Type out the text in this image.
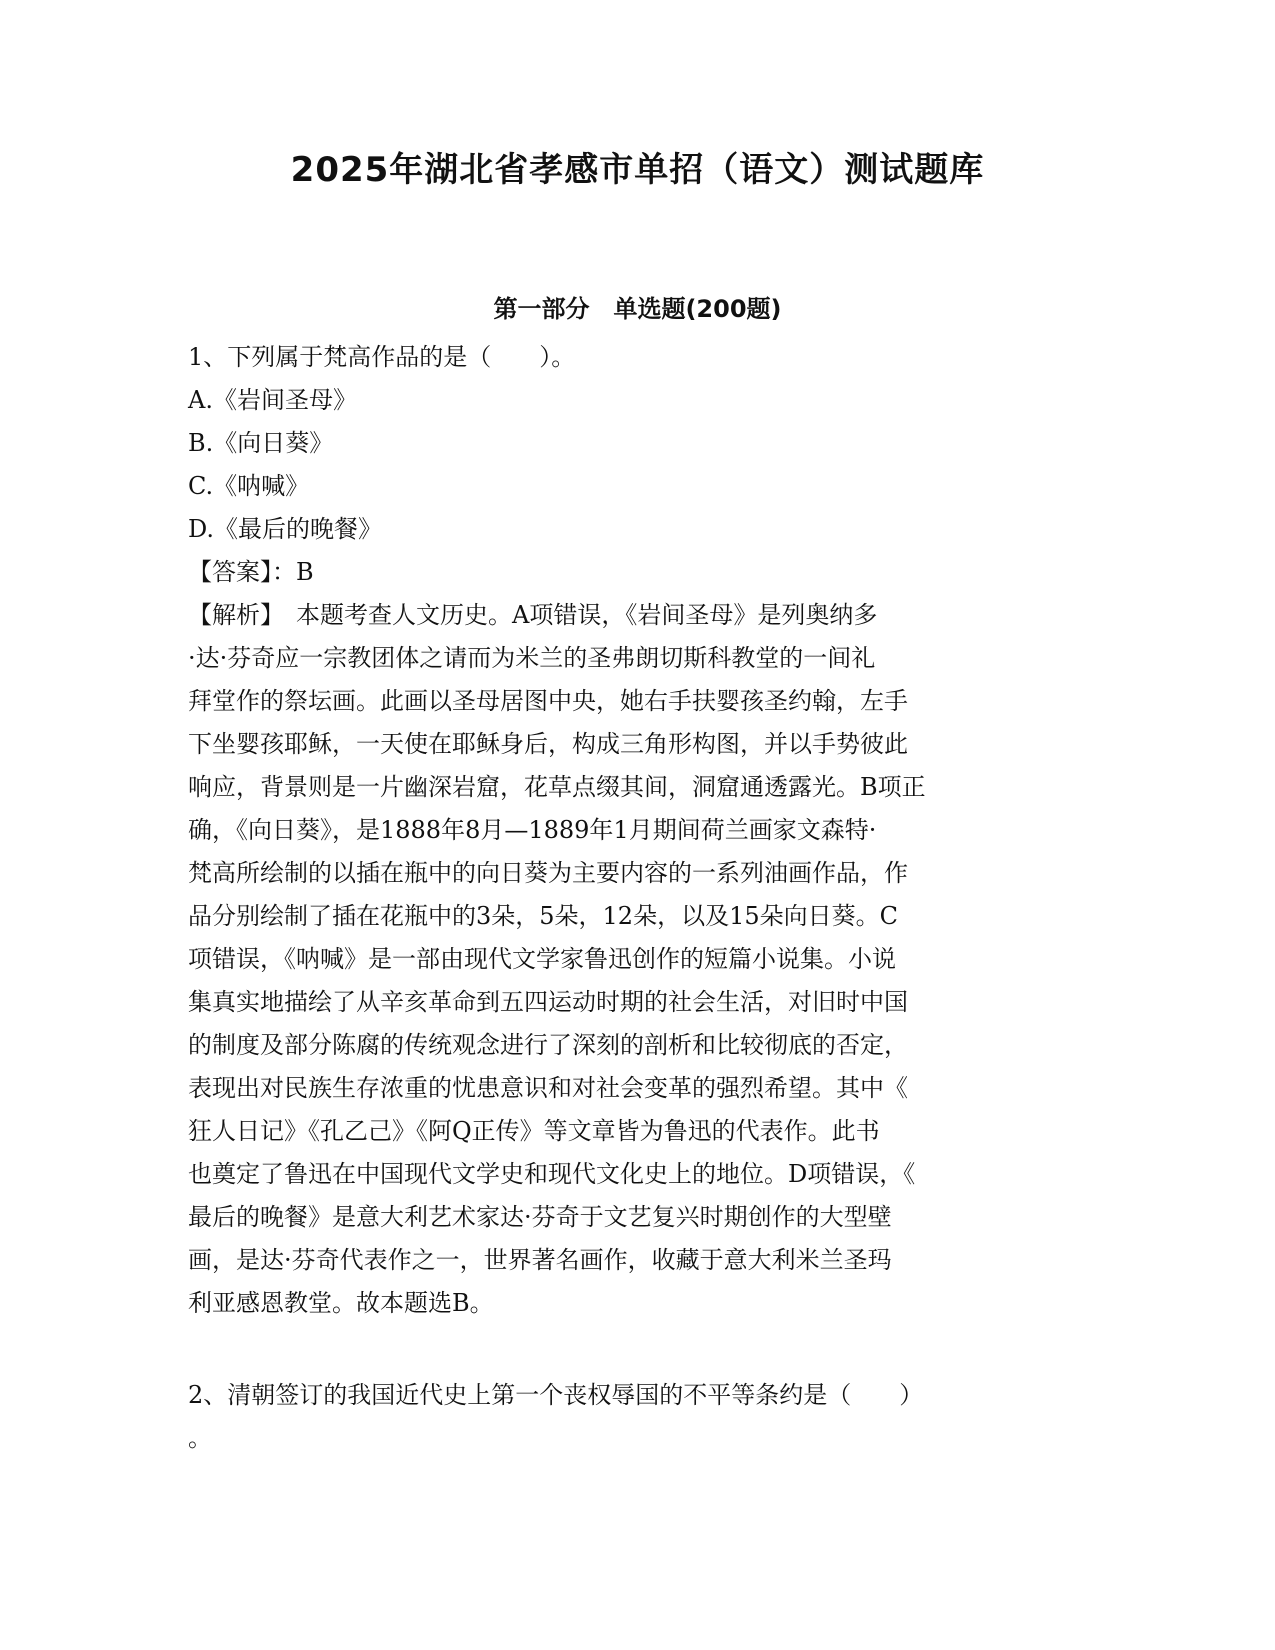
2025年湖北省孝感市单招（语文）测试题库
第一部分　单选题(200题)

1、下列属于梵高作品的是（　　）。

A.《岩间圣母》

B.《向日葵》

C.《呐喊》

D.《最后的晚餐》

【答案】：B

【解析】　本题考查人文历史。A项错误，《岩间圣母》是列奥纳多

·达·芬奇应一宗教团体之请而为米兰的圣弗朗切斯科教堂的一间礼

拜堂作的祭坛画。此画以圣母居图中央，她右手扶婴孩圣约翰，左手

下坐婴孩耶稣，一天使在耶稣身后，构成三角形构图，并以手势彼此

响应，背景则是一片幽深岩窟，花草点缀其间，洞窟通透露光。B项正

确，《向日葵》，是1888年8月—1889年1月期间荷兰画家文森特·

梵高所绘制的以插在瓶中的向日葵为主要内容的一系列油画作品，作

品分别绘制了插在花瓶中的3朵，5朵，12朵，以及15朵向日葵。C

项错误，《呐喊》是一部由现代文学家鲁迅创作的短篇小说集。小说

集真实地描绘了从辛亥革命到五四运动时期的社会生活，对旧时中国

的制度及部分陈腐的传统观念进行了深刻的剖析和比较彻底的否定，

表现出对民族生存浓重的忧患意识和对社会变革的强烈希望。其中《

狂人日记》《孔乙己》《阿Q正传》等文章皆为鲁迅的代表作。此书

也奠定了鲁迅在中国现代文学史和现代文化史上的地位。D项错误，《

最后的晚餐》是意大利艺术家达·芬奇于文艺复兴时期创作的大型壁

画，是达·芬奇代表作之一，世界著名画作，收藏于意大利米兰圣玛

利亚感恩教堂。故本题选B。

2、清朝签订的我国近代史上第一个丧权辱国的不平等条约是（　　）

。
